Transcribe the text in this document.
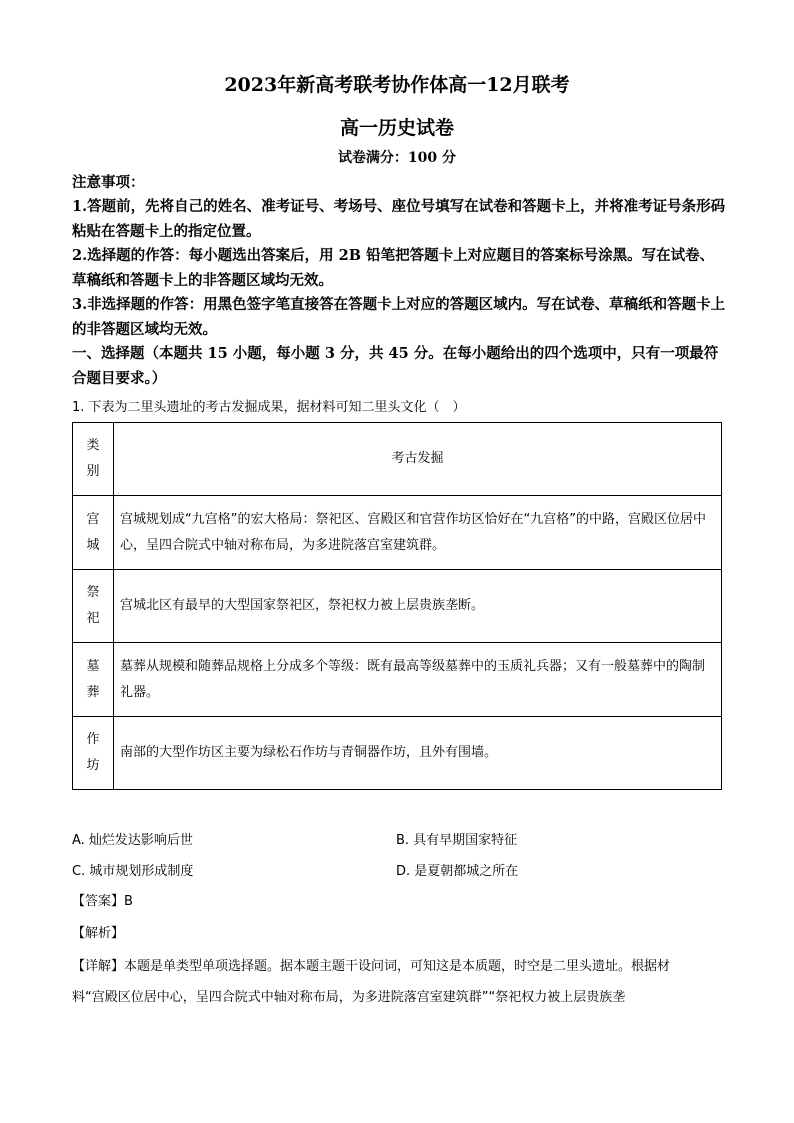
2023年新高考联考协作体高一12月联考
高一历史试卷
试卷满分：100 分
注意事项：
1.答题前，先将自己的姓名、准考证号、考场号、座位号填写在试卷和答题卡上，并将准考证号条形码粘贴在答题卡上的指定位置。
2.选择题的作答：每小题选出答案后，用 2B 铅笔把答题卡上对应题目的答案标号涂黑。写在试卷、草稿纸和答题卡上的非答题区域均无效。
3.非选择题的作答：用黑色签字笔直接答在答题卡上对应的答题区域内。写在试卷、草稿纸和答题卡上的非答题区域均无效。
一、选择题（本题共 15 小题，每小题 3 分，共 45 分。在每小题给出的四个选项中，只有一项最符合题目要求。）
1. 下表为二里头遗址的考古发掘成果，据材料可知二里头文化（　）
类
别	考古发掘

宫
城	宫城规划成“九宫格”的宏大格局：祭祀区、宫殿区和官营作坊区恰好在“九宫格”的中路，宫殿区位居中心，呈四合院式中轴对称布局，为多进院落宫室建筑群。

祭
祀	宫城北区有最早的大型国家祭祀区，祭祀权力被上层贵族垄断。

墓
葬	墓葬从规模和随葬品规格上分成多个等级：既有最高等级墓葬中的玉质礼兵器；又有一般墓葬中的陶制礼器。

作
坊	南部的大型作坊区主要为绿松石作坊与青铜器作坊，且外有围墙。
A. 灿烂发达影响后世	B. 具有早期国家特征
C. 城市规划形成制度	D. 是夏朝都城之所在
【答案】B
【解析】
【详解】本题是单类型单项选择题。据本题主题干设问词，可知这是本质题，时空是二里头遗址。根据材
料“宫殿区位居中心，呈四合院式中轴对称布局，为多进院落宫室建筑群”“祭祀权力被上层贵族垄
